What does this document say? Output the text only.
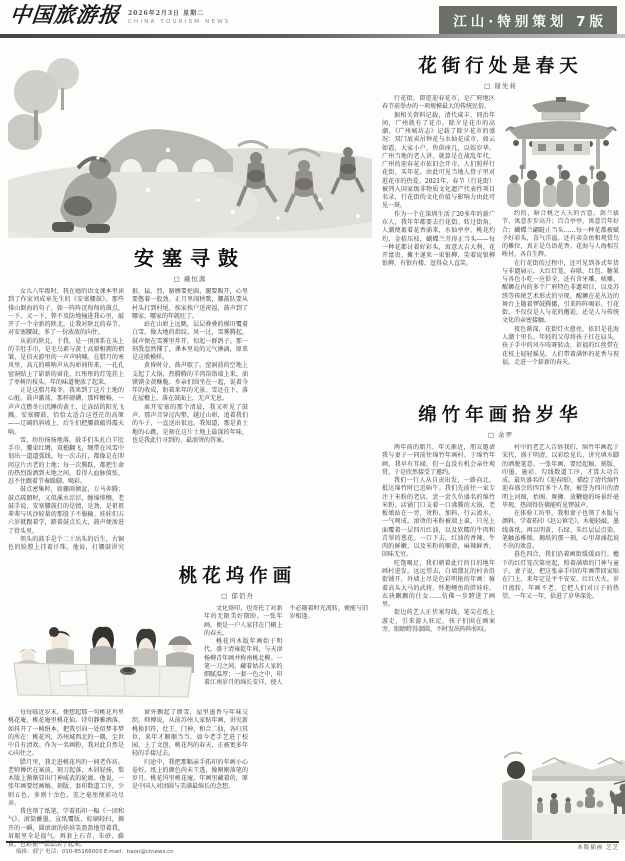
中国旅游报 2026年2月3日 星期二
CHINA TOURISM NEWS	江山·特别策划 7版
安塞寻鼓
□ 戴恒源

女儿八年级时，我在她的语文课本里读到了作家刘成章先生的《安塞腰鼓》。那些排山倒海的句子，如一阵阵沉甸甸的鼓点，一下，又一下，猝不及防地撞进我心里，敲开了一个全新的陕北，让我对陕北的春节、对安塞腰鼓，多了一份浓浓的向往。

从前的陕北，于我，是一顶顶系在头上的羊肚手巾，是毛乌素与黄土高原相拥的褶皱，是信天游里的一声声呐喊。在腊月的寒风里，高亢的唢呐声从沟峁间传来，一孔孔窑洞贴上了崭新的窗花，红彤彤的灯笼挂上了枣树的枝头，年的味道便浓了起来。

正是这腊月隆冬，我来到了这片土地的心脏。鼓声激荡，那样磅礴，那样酣畅，一声声点燃冬日沉睡的黄土，让冻结的阳光飞溅。安塞腰鼓，恰恰太适合这苍茫的高原——辽阔的斜坡上，后生们把腰鼓敲得震天响。

雪，纷纷扬扬地落。鼓手们头扎白羊肚手巾，腰束红绸，双槌翻飞，绸带在风雪中划出一道道弧线。每一次击打，都像是在叩问这片古老的土地；每一次腾跃，都把生命的热烈泼洒到天地之间。看得人血脉偾张，忍不住跟着节奏跺脚、喝彩。

鼓点密集时，如骤雨倾盆，万马奔腾；鼓点疏朗时，又似溪水淙淙，缠绵悱恻。老鼓手说，安塞腰鼓打的是情，是劲，是祖祖辈辈与风沙较量的那股子不服输。娃娃们五六岁就跟着学，踏着鼓点长大，鼓声便渗进了骨头里。

领头的鼓手是个二十出头的后生，古铜色的脸膛上挂着汗珠。他说，打腰鼓讲究狠、猛、烈，胳膊要抡圆，腿要踢开，心里要憋着一股劲。正月里闹秧歌，腰鼓队要从村头打到村尾，挨家挨户送祝福，鼓声到了哪家，哪家的年就旺了。

站在山峁上远眺，层层叠叠的梯田覆着白雪，像大地的指纹。风一过，雪雾腾起，鼓声便在雪雾里炸开，惊起一群鸽子。那一刻我忽然懂了，课本里说的元气淋漓，原来是这般模样。

黄昏时分，鼓声歇了。窑洞前的空地上支起了大锅，热腾腾的羊肉饸饹端上来，油馍馍金黄酥脆。乡亲们围坐在一起，说着今年的收成，盼着来年的光景。雪还在下，落在屋檐上，落在鼓面上，无声无息。

离开安塞的那个清晨，我又听见了鼓声。那声音穿过沟壑，越过山峁，追着我们的车子，一直送出很远。我知道，那是黄土地的心跳，是刻在这片土地上最深的年味，也是我此行寻到的、最滚烫的答案。

桃花坞作画
□ 郁佰舟

文化烙印，也寄托了对新年的无限美好期盼。一张年画，便是一户人家挂在门楣上的春天。

桃花坞木版年画始于明代，盛于清雍乾年间，与天津杨柳青年画并称南桃北柳。一笔一刀之间，藏着姑苏人家的细腻温厚；一套一色之中，印着江南岁月的绵长安详，使人不必随着时光流转，便能与旧岁相逢。

每每临近岁末，便想起那一句桃花坞里桃花庵，桃花庵里桃花仙。诗句静雅洒落，如抖开了一帧绢本，把我引向一处似梦非梦的所在：桃花坞，苏州城西北的一隅，尘世中自有清欢。作为一名画粉，我对此自然是心向往之。

腊月里，我走进桃花坞的一间老作坊。老师傅伏在案前，刻刀起落，木屑轻扬，梨木版上渐渐显出门神威武的轮廓。他说，一张年画要经画稿、刻版、套印数道工序，少则五色，多则十余色，差之毫厘便前功尽弃。

我也领了纸笔，学着拓印一幅《一团和气》。滚筒蘸墨，宣纸覆版，棕刷轻扫，揭开的一瞬，圆滚滚的娃娃笑盈盈地望着我，眉眼里全是福气。再套上石青、朱砂、藤黄，色彩便一层层活了起来。

窗外飘起了细雪，屋里墨香与年味交织。师傅说，从前苏州人家贴年画，讲究新桃换旧符，灶王、门神、和合二仙，各归其位，来年才顺顺当当。如今老手艺进了校园、上了文创，桃花坞的春天，正被更多年轻的手接过去。

归途中，我把那幅亲手拓印的年画小心卷好。纸上的颜色尚未干透，像刚刚落笔的岁月。桃花坞里桃花庵，年画里藏着的，原是中国人对团圆与美满最绵长的念想。

花街行处是春天
□ 谢先莉

行花街，即逛迎春花市，是广府地区春节前举办的一项规模最大的传统民俗。

据相关资料记载，清代咸丰、同治年间，广州就有了花市。除夕是花市的高潮，《广州城坊志》记载了除夕花市的盛况：双门底卖吊钟花与水仙花成市，如云如霞，大家小户，售供座几，以娱岁华。广州当地的老人讲，就算是在战乱年代，广州的迎春花市依旧会开市，人们照样行花街、买年花。由此可见当地人骨子里对逛花市的热爱。2021年，春节（行花街）被列入国家级非物质文化遗产代表性项目名录，行花街的文化价值与影响力由此可见一斑。

作为一个在深圳生活了20多年的新广东人，我年年都要去行花街。转过街角，人潮便裹着花香涌来，水仙亭亭，桃花灼灼，金桔压枝，蝴蝶兰开得正当头——每一种花都讨着好彩头，寓意大吉大利、花开富贵。摊主递来一束银柳，笑着说银柳银柳，有银有楼，逗得众人直笑。

约的，暗合桃之夭夭的古意。剑兰拔节，寓意步步高升；百合亭亭，寓意百年好合；蝴蝶兰翩跹正当头……每一种花都被赋予好彩头，喜气洋溢。还有卖金鱼和观赏鸟的摊位，真正是鸟语花香。花海与人海相互映衬，各自生辉。

在行花街的过程中，还可见到各式年货与非遗展示，大红灯笼、春联、红包、糖果与各色小吃一应俱全，还有含牙雕、核雕、醒狮在内的多个广府特色非遗项目，以及苏绣等传统艺术形式的呈现。醒狮在花丛边的舞台上随着锣鼓腾挪，引来阵阵喝彩。行花街，不仅仅是人与花的邂逅，还是人与传统文化的亲密接触。

夜色渐深，花街灯火愈亮，依旧是花海人潮十里长。年轻的父母将孩子扛在肩头，孩子手中的风车吱呀转动，祈福的红丝带在花枝上轻轻摇晃。人们带着满怀的花香与祝福，走进一个崭新的春天。

绵竹年画拾岁华
□ 余罗

两年前的腊月，年关渐近，朋友邀请我与妻子一同前往绵竹年画村。于绵竹年画，我早有耳闻，但一直没有机会亲往观赏，于是欣然接受了邀约。

我们一行人从自贡出发，一路向北，抵达绵竹时已近晌午。我们先前往一家专注于米粉的老店，尝一尝久负盛名的绵竹米粉。店铺门口支着一口沸腾的大锅，老板娘站在一旁，烫粉、加料，行云流水，一气呵成。滚烫的米粉被端上桌，只见上面覆着一层四川红油，以及软糯的牛肉和青翠的葱花。一口下去，红油的香辣、牛肉的鲜嫩，以及米粉的顺滑，麻辣鲜香，回味无穷。

吃饱喝足，我们朝着此行的目的地年画村进发。远远望去，白墙黛瓦的村舍沿街铺开，外墙上尽是色彩明艳的年画：骑着高头大马的武将、怀抱鲤鱼的胖娃娃、衣袂飘飘的仕女……仿佛一步跨进了画里。

街边的艺人正伏案勾线，笔尖在纸上游走，引来游人驻足。孩子们围在画案旁，眼睛瞪得溜圆，不时发出阵阵惊叹。

村中的老艺人告诉我们，绵竹年画起于宋代，盛于明清，以彩绘见长，讲究填水脚的洒脱笔意。一张年画，要经起稿、刻版、印墨、施彩、勾线数道工序，才算大功告成。最负盛名的《迎春图》，描绘了清代绵竹迎春盛会的四百多个人物，被誉为四川的清明上河图，抬阁、舞狮、放鞭炮的场景纤毫毕现，热闹得仿佛能听见锣鼓声。

在体验工坊里，我和妻子也领了木版与颜料，学着拓印《赵公镇宅》。木槌轻敲，墨线落纸，再以明黄、石绿、朱红层层点染。笔触虽稚拙，揭纸的那一刻，心里却涌起说不出的欢喜。

暮色四合，我们沿着画街缓缓而行。檐下的红灯笼次第亮起，照着满墙的门神与童子。妻子说，把这张亲手印的年画带回家贴在门上，来年定是平平安安、红红火火。岁月流转，年画不老，它把人们对日子的热望，一年又一年，拾进了岁华深处。

本版插画 芝芝
编辑：郝宁 电话：010-85166003 E-mail：haon@ctnews.cn
